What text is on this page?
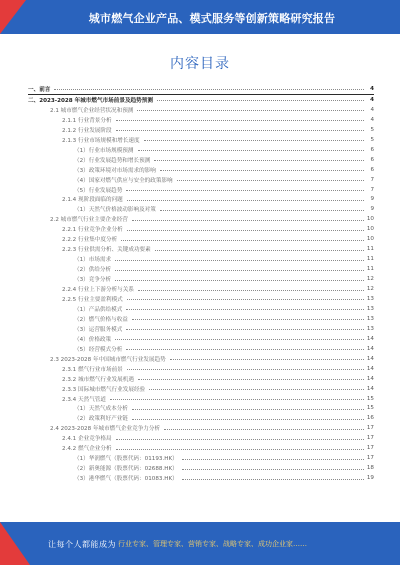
城市燃气企业产品、模式服务等创新策略研究报告
内容目录
一、前言	4
二、2023-2028 年城市燃气市场前景及趋势预测	4
2.1 城市燃气企业经营状况和预测	4
2.1.1 行业背景分析	4
2.1.2 行业发展阶段	5
2.1.3 行业市场规模和增长速度	5
（1）行业市场规模预测	6
（2）行业发展趋势和增长预测	6
（3）政策环境对市场需求的影响	6
（4）国家对燃气供应与安全的政策影响	7
（5）行业发展趋势	7
2.1.4 现阶段面临的问题	9
（1）天然气价格波动影响及对策	9
2.2 城市燃气行业主要企业经营	10
2.2.1 行业竞争企业分析	10
2.2.2 行业集中度分析	10
2.2.3 行业供需分析、关键成功要素	11
（1）市场需求	11
（2）供给分析	11
（3）竞争分析	12
2.2.4 行业上下游分析与关系	12
2.2.5 行业主要盈利模式	13
（1）产品供给模式	13
（2）燃气价格与收益	13
（3）运营服务模式	13
（4）价格政策	14
（5）经营模式分析	14
2.3 2023-2028 年中国城市燃气行业发展趋势	14
2.3.1 燃气行业市场前景	14
2.3.2 城市燃气行业发展机遇	14
2.3.3 国际城市燃气行业发展经验	14
2.3.4 天然气管道	15
（1）天然气成本分析	15
（2）政策利好产业链	16
2.4 2023-2028 年城市燃气企业竞争力分析	17
2.4.1 企业竞争格局	17
2.4.2 燃气企业分析	17
（1）华润燃气（股票代码：01193.HK）	17
（2）新奥能源（股票代码：02688.HK）	18
（3）港华燃气（股票代码：01083.HK）	19
让每个人都能成为 行业专家、管理专家、营销专家、战略专家、成功企业家……
